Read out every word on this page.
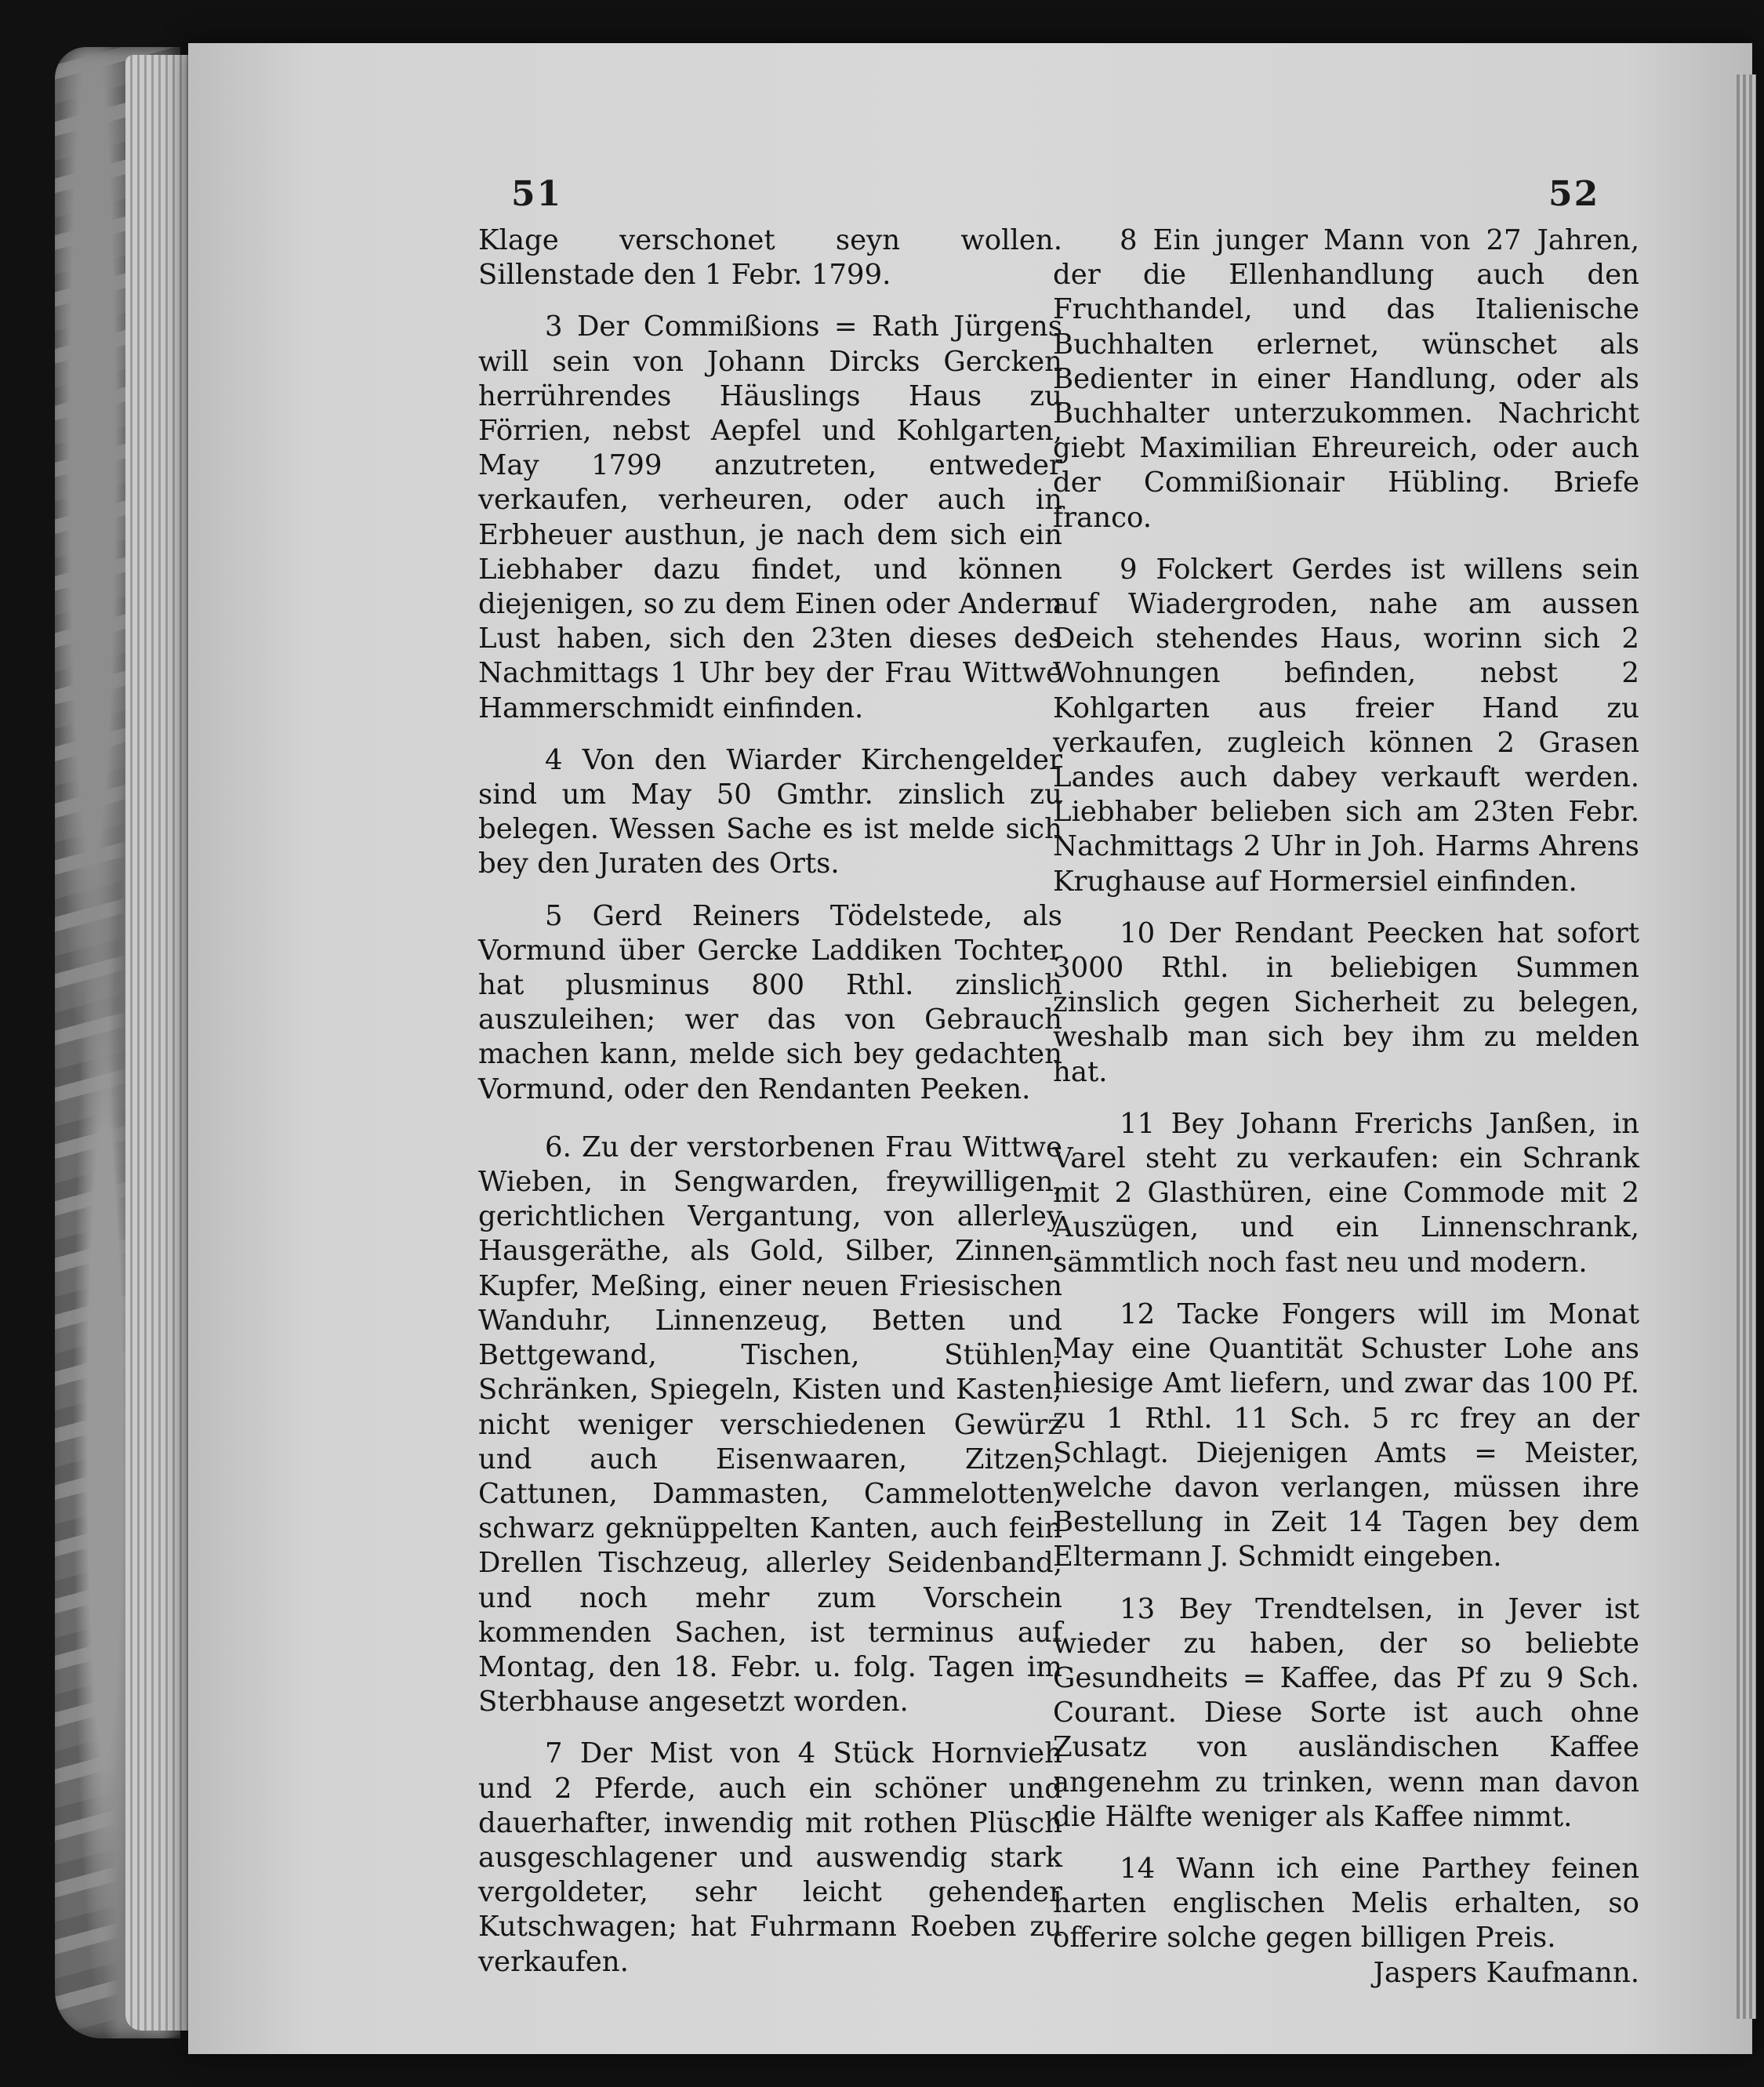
51	52

Klage verschonet seyn wollen. Sillenstade den 1 Febr. 1799.

3 Der Commißions = Rath Jürgens will sein von Johann Dircks Gercken herrührendes Häuslings Haus zu Förrien, nebst Aepfel und Kohlgarten, May 1799 anzutreten, entweder verkaufen, verheuren, oder auch in Erbheuer austhun, je nach dem sich ein Liebhaber dazu findet, und können diejenigen, so zu dem Einen oder Andern Lust haben, sich den 23ten dieses des Nachmittags 1 Uhr bey der Frau Wittwe Hammerschmidt einfinden.

4 Von den Wiarder Kirchengelder sind um May 50 Gmthr. zinslich zu belegen. Wessen Sache es ist melde sich bey den Juraten des Orts.

5 Gerd Reiners Tödelstede, als Vormund über Gercke Laddiken Tochter hat plusminus 800 Rthl. zinslich auszuleihen; wer das von Gebrauch machen kann, melde sich bey gedachten Vormund, oder den Rendanten Peeken.

6. Zu der verstorbenen Frau Wittwe Wieben, in Sengwarden, freywilligen, gerichtlichen Vergantung, von allerley Hausgeräthe, als Gold, Silber, Zinnen, Kupfer, Meßing, einer neuen Friesischen Wanduhr, Linnenzeug, Betten und Bettgewand, Tischen, Stühlen, Schränken, Spiegeln, Kisten und Kasten; nicht weniger verschiedenen Gewürz und auch Eisenwaaren, Zitzen, Cattunen, Dammasten, Cammelotten, schwarz geknüppelten Kanten, auch fein Drellen Tischzeug, allerley Seidenband, und noch mehr zum Vorschein kommenden Sachen, ist terminus auf Montag, den 18. Febr. u. folg. Tagen im Sterbhause angesetzt worden.

7 Der Mist von 4 Stück Hornvieh und 2 Pferde, auch ein schöner und dauerhafter, inwendig mit rothen Plüsch ausgeschlagener und auswendig stark vergoldeter, sehr leicht gehender Kutschwagen; hat Fuhrmann Roeben zu verkaufen.

8 Ein junger Mann von 27 Jahren, der die Ellenhandlung auch den Fruchthandel, und das Italienische Buchhalten erlernet, wünschet als Bedienter in einer Handlung, oder als Buchhalter unterzukommen. Nachricht giebt Maximilian Ehreureich, oder auch der Commißionair Hübling. Briefe franco.

9 Folckert Gerdes ist willens sein auf Wiadergroden, nahe am aussen Deich stehendes Haus, worinn sich 2 Wohnungen befinden, nebst 2 Kohlgarten aus freier Hand zu verkaufen, zugleich können 2 Grasen Landes auch dabey verkauft werden. Liebhaber belieben sich am 23ten Febr. Nachmittags 2 Uhr in Joh. Harms Ahrens Krughause auf Hormersiel einfinden.

10 Der Rendant Peecken hat sofort 3000 Rthl. in beliebigen Summen zinslich gegen Sicherheit zu belegen, weshalb man sich bey ihm zu melden hat.

11 Bey Johann Frerichs Janßen, in Varel steht zu verkaufen: ein Schrank mit 2 Glasthüren, eine Commode mit 2 Auszügen, und ein Linnenschrank, sämmtlich noch fast neu und modern.

12 Tacke Fongers will im Monat May eine Quantität Schuster Lohe ans hiesige Amt liefern, und zwar das 100 Pf. zu 1 Rthl. 11 Sch. 5 rc frey an der Schlagt. Diejenigen Amts = Meister, welche davon verlangen, müssen ihre Bestellung in Zeit 14 Tagen bey dem Eltermann J. Schmidt eingeben.

13 Bey Trendtelsen, in Jever ist wieder zu haben, der so beliebte Gesundheits = Kaffee, das Pf zu 9 Sch. Courant. Diese Sorte ist auch ohne Zusatz von ausländischen Kaffee angenehm zu trinken, wenn man davon die Hälfte weniger als Kaffee nimmt.

14 Wann ich eine Parthey feinen harten englischen Melis erhalten, so offerire solche gegen billigen Preis.

Jaspers Kaufmann.
